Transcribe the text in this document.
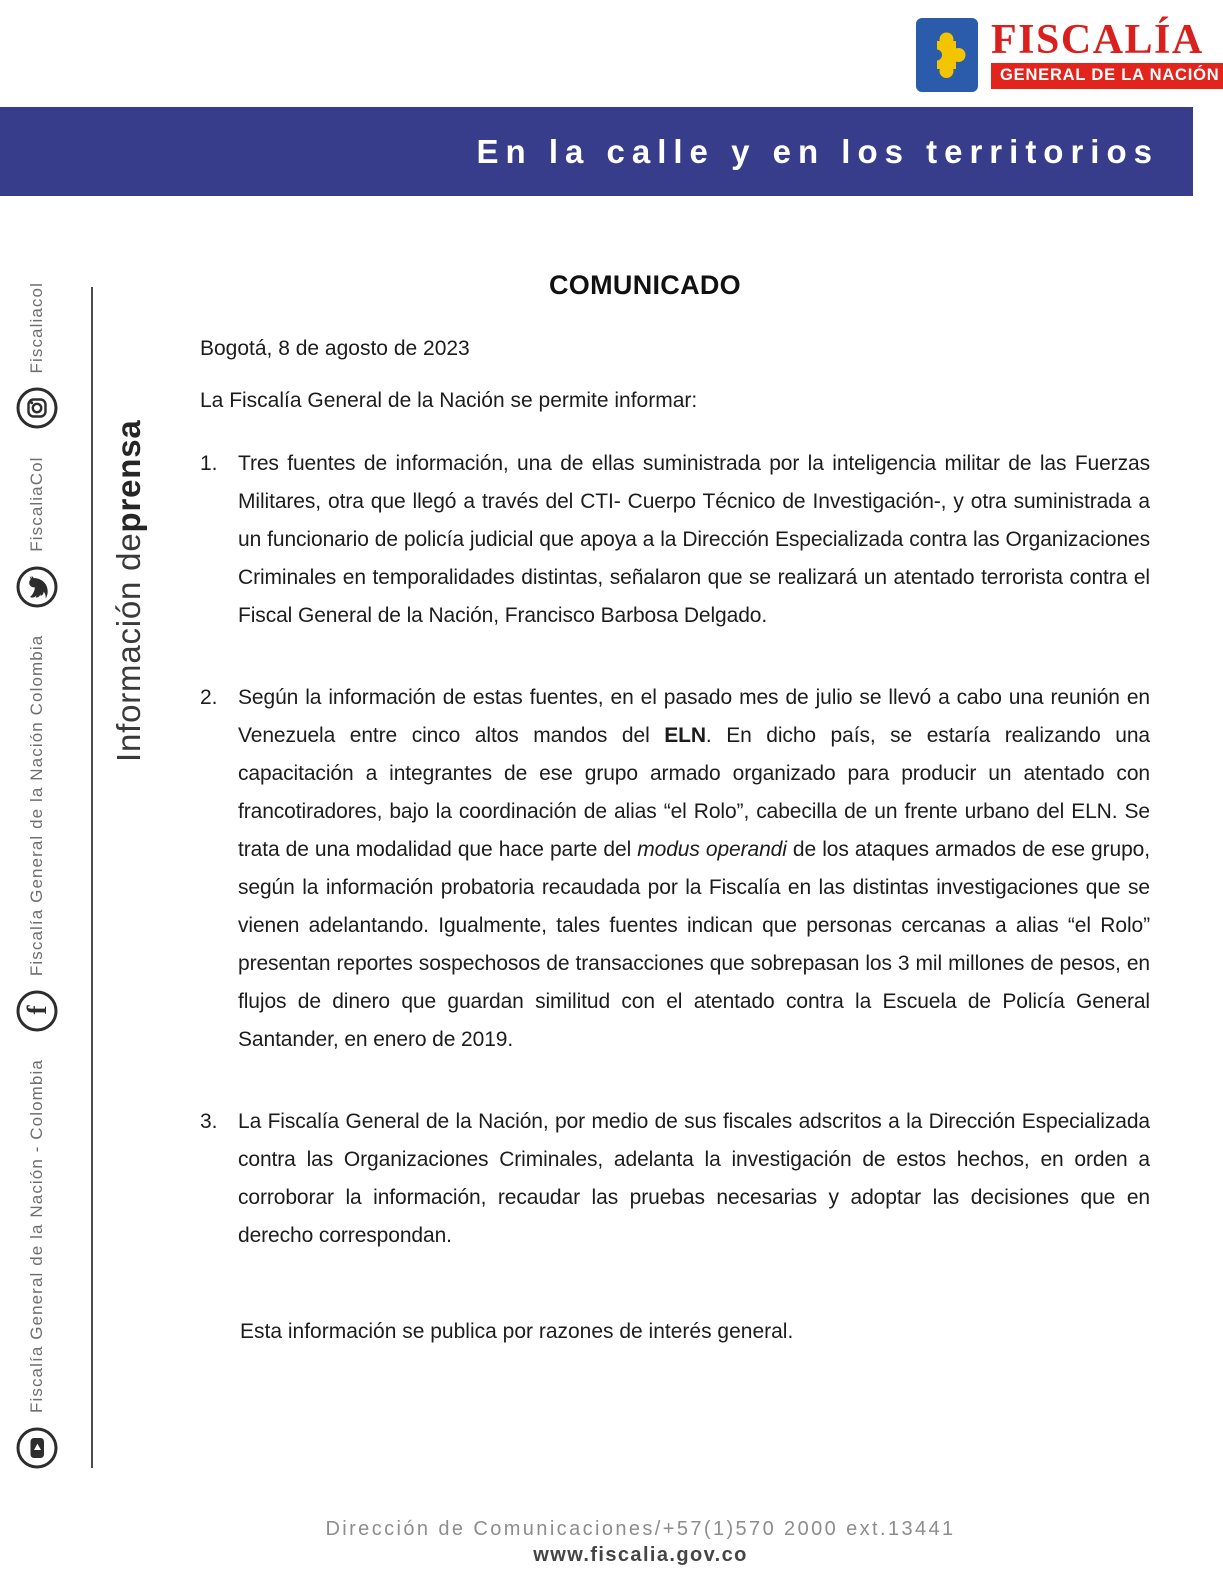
FISCALÍA
GENERAL DE LA NACIÓN
En la calle y en los territorios
Fiscalía General de la Nación - Colombia
f
Fiscalía General de la Nación Colombia
FiscaliaCol
Fiscaliacol
Información de
prensa
COMUNICADO
Bogotá, 8 de agosto de 2023
La Fiscalía General de la Nación se permite informar:
1. Tres fuentes de información, una de ellas suministrada por la inteligencia militar de las Fuerzas Militares, otra que llegó a través del CTI- Cuerpo Técnico de Investigación-, y otra suministrada a un funcionario de policía judicial que apoya a la Dirección Especializada contra las Organizaciones Criminales en temporalidades distintas, señalaron que se realizará un atentado terrorista contra el Fiscal General de la Nación, Francisco Barbosa Delgado.
2. Según la información de estas fuentes, en el pasado mes de julio se llevó a cabo una reunión en Venezuela entre cinco altos mandos del ELN. En dicho país, se estaría realizando una capacitación a integrantes de ese grupo armado organizado para producir un atentado con francotiradores, bajo la coordinación de alias “el Rolo”, cabecilla de un frente urbano del ELN. Se trata de una modalidad que hace parte del modus operandi de los ataques armados de ese grupo, según la información probatoria recaudada por la Fiscalía en las distintas investigaciones que se vienen adelantando. Igualmente, tales fuentes indican que personas cercanas a alias “el Rolo” presentan reportes sospechosos de transacciones que sobrepasan los 3 mil millones de pesos, en flujos de dinero que guardan similitud con el atentado contra la Escuela de Policía General Santander, en enero de 2019.
3. La Fiscalía General de la Nación, por medio de sus fiscales adscritos a la Dirección Especializada contra las Organizaciones Criminales, adelanta la investigación de estos hechos, en orden a corroborar la información, recaudar las pruebas necesarias y adoptar las decisiones que en derecho correspondan.
Esta información se publica por razones de interés general.
Dirección de Comunicaciones/+57(1)570 2000 ext.13441
www.fiscalia.gov.co
